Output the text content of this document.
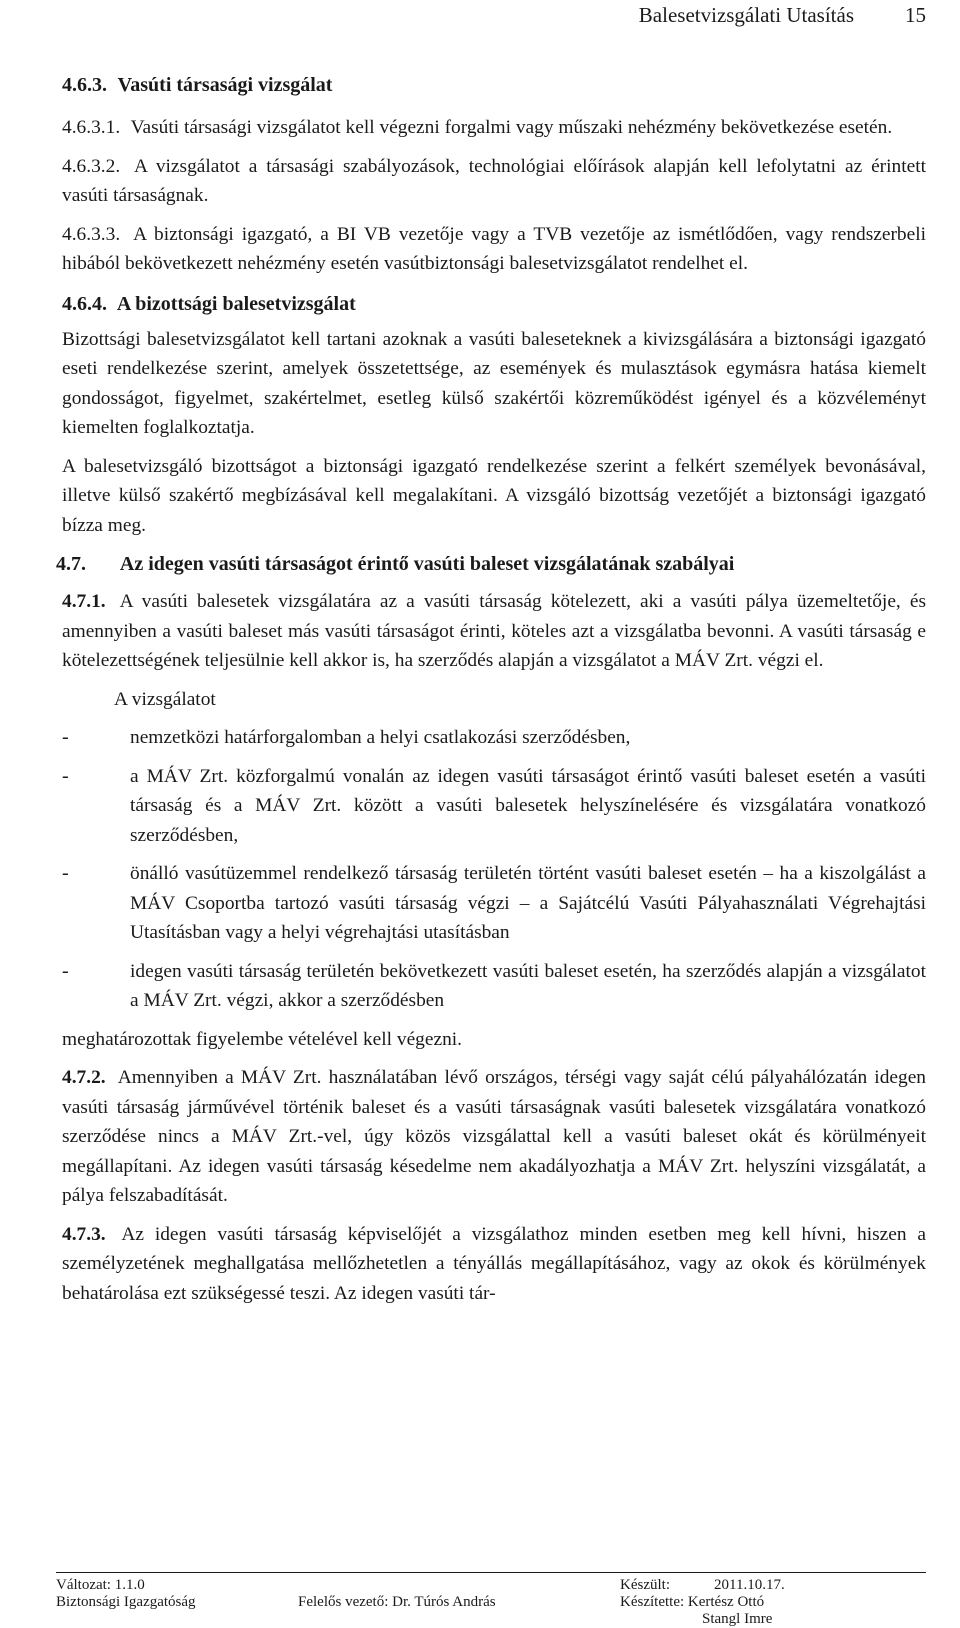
Balesetvizsgálati Utasítás 15

4.6.3. Vasúti társasági vizsgálat

4.6.3.1. Vasúti társasági vizsgálatot kell végezni forgalmi vagy műszaki nehézmény bekövetkezése esetén.

4.6.3.2. A vizsgálatot a társasági szabályozások, technológiai előírások alapján kell lefolytatni az érintett vasúti társaságnak.

4.6.3.3. A biztonsági igazgató, a BI VB vezetője vagy a TVB vezetője az ismétlődően, vagy rendszerbeli hibából bekövetkezett nehézmény esetén vasútbiztonsági balesetvizsgálatot rendelhet el.

4.6.4. A bizottsági balesetvizsgálat

Bizottsági balesetvizsgálatot kell tartani azoknak a vasúti baleseteknek a kivizsgálására a biztonsági igazgató eseti rendelkezése szerint, amelyek összetettsége, az események és mulasztások egymásra hatása kiemelt gondosságot, figyelmet, szakértelmet, esetleg külső szakértői közreműködést igényel és a közvéleményt kiemelten foglalkoztatja.

A balesetvizsgáló bizottságot a biztonsági igazgató rendelkezése szerint a felkért személyek bevonásával, illetve külső szakértő megbízásával kell megalakítani. A vizsgáló bizottság vezetőjét a biztonsági igazgató bízza meg.

4.7. Az idegen vasúti társaságot érintő vasúti baleset vizsgálatának szabályai

4.7.1. A vasúti balesetek vizsgálatára az a vasúti társaság kötelezett, aki a vasúti pálya üzemeltetője, és amennyiben a vasúti baleset más vasúti társaságot érinti, köteles azt a vizsgálatba bevonni. A vasúti társaság e kötelezettségének teljesülnie kell akkor is, ha szerződés alapján a vizsgálatot a MÁV Zrt. végzi el.

A vizsgálatot

-	nemzetközi határforgalomban a helyi csatlakozási szerződésben,
-	a MÁV Zrt. közforgalmú vonalán az idegen vasúti társaságot érintő vasúti baleset esetén a vasúti társaság és a MÁV Zrt. között a vasúti balesetek helyszínelésére és vizsgálatára vonatkozó szerződésben,
-	önálló vasútüzemmel rendelkező társaság területén történt vasúti baleset esetén – ha a kiszolgálást a MÁV Csoportba tartozó vasúti társaság végzi – a Sajátcélú Vasúti Pályahasználati Végrehajtási Utasításban vagy a helyi végrehajtási utasításban
-	idegen vasúti társaság területén bekövetkezett vasúti baleset esetén, ha szerződés alapján a vizsgálatot a MÁV Zrt. végzi, akkor a szerződésben

meghatározottak figyelembe vételével kell végezni.

4.7.2. Amennyiben a MÁV Zrt. használatában lévő országos, térségi vagy saját célú pályahálózatán idegen vasúti társaság járművével történik baleset és a vasúti társaságnak vasúti balesetek vizsgálatára vonatkozó szerződése nincs a MÁV Zrt.-vel, úgy közös vizsgálattal kell a vasúti baleset okát és körülményeit megállapítani. Az idegen vasúti társaság késedelme nem akadályozhatja a MÁV Zrt. helyszíni vizsgálatát, a pálya felszabadítását.

4.7.3. Az idegen vasúti társaság képviselőjét a vizsgálathoz minden esetben meg kell hívni, hiszen a személyzetének meghallgatása mellőzhetetlen a tényállás megállapításához, vagy az okok és körülmények behatárolása ezt szükségessé teszi. Az idegen vasúti tár-

Változat: 1.1.0
Biztonsági Igazgatóság	Felelős vezető: Dr. Túrós András
Készült:	2011.10.17.
Készítette: Kertész Ottó
Stangl Imre
